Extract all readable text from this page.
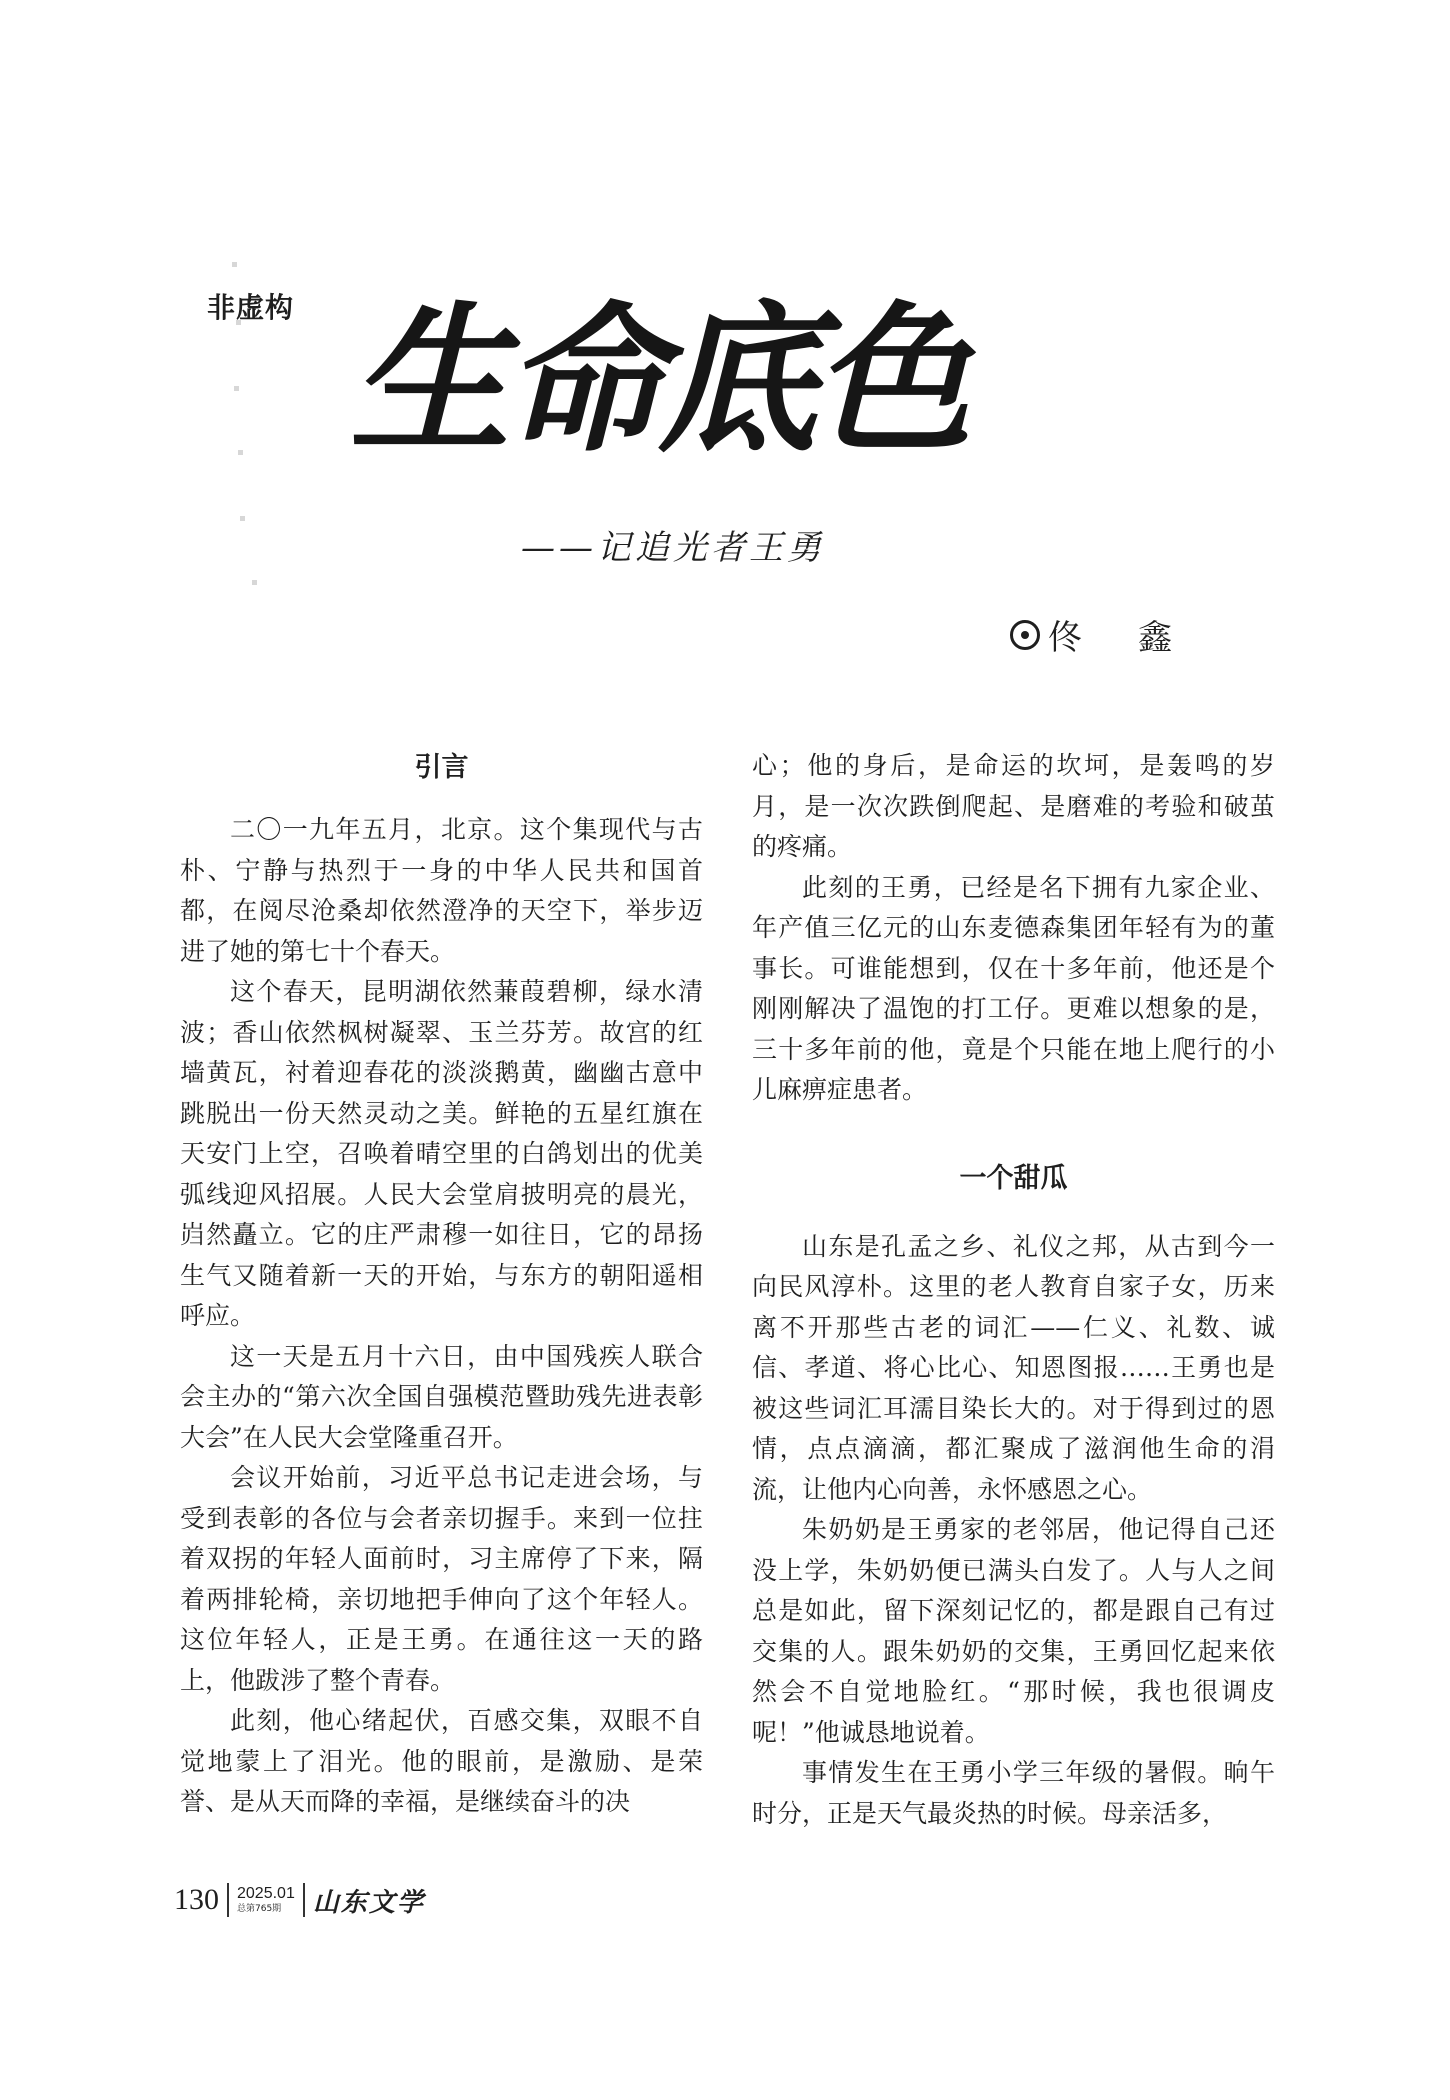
非虚构 生命底色
——记追光者王勇
佟鑫
引言

二〇一九年五月，北京。这个集现代与古朴、宁静与热烈于一身的中华人民共和国首都，在阅尽沧桑却依然澄净的天空下，举步迈进了她的第七十个春天。

这个春天，昆明湖依然蒹葭碧柳，绿水清波；香山依然枫树凝翠、玉兰芬芳。故宫的红墙黄瓦，衬着迎春花的淡淡鹅黄，幽幽古意中跳脱出一份天然灵动之美。鲜艳的五星红旗在天安门上空，召唤着晴空里的白鸽划出的优美弧线迎风招展。人民大会堂肩披明亮的晨光，岿然矗立。它的庄严肃穆一如往日，它的昂扬生气又随着新一天的开始，与东方的朝阳遥相呼应。

这一天是五月十六日，由中国残疾人联合会主办的“第六次全国自强模范暨助残先进表彰大会”在人民大会堂隆重召开。

会议开始前，习近平总书记走进会场，与受到表彰的各位与会者亲切握手。来到一位拄着双拐的年轻人面前时，习主席停了下来，隔着两排轮椅，亲切地把手伸向了这个年轻人。这位年轻人，正是王勇。在通往这一天的路上，他跋涉了整个青春。

此刻，他心绪起伏，百感交集，双眼不自觉地蒙上了泪光。他的眼前，是激励、是荣誉、是从天而降的幸福，是继续奋斗的决

心；他的身后，是命运的坎坷，是轰鸣的岁月，是一次次跌倒爬起、是磨难的考验和破茧的疼痛。

此刻的王勇，已经是名下拥有九家企业、年产值三亿元的山东麦德森集团年轻有为的董事长。可谁能想到，仅在十多年前，他还是个刚刚解决了温饱的打工仔。更难以想象的是，三十多年前的他，竟是个只能在地上爬行的小儿麻痹症患者。

一个甜瓜

山东是孔孟之乡、礼仪之邦，从古到今一向民风淳朴。这里的老人教育自家子女，历来离不开那些古老的词汇——仁义、礼数、诚信、孝道、将心比心、知恩图报……王勇也是被这些词汇耳濡目染长大的。对于得到过的恩情，点点滴滴，都汇聚成了滋润他生命的涓流，让他内心向善，永怀感恩之心。

朱奶奶是王勇家的老邻居，他记得自己还没上学，朱奶奶便已满头白发了。人与人之间总是如此，留下深刻记忆的，都是跟自己有过交集的人。跟朱奶奶的交集，王勇回忆起来依然会不自觉地脸红。“那时候，我也很调皮呢！”他诚恳地说着。

事情发生在王勇小学三年级的暑假。晌午时分，正是天气最炎热的时候。母亲活多，

130 2025.01
总第765期	山东文学
